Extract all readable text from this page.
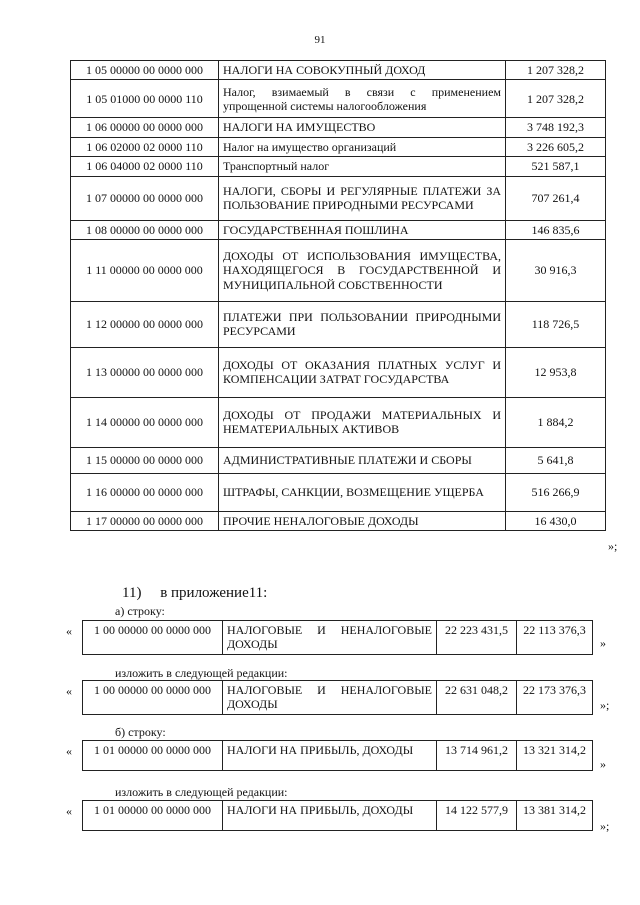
91
1 05 00000 00 0000 000	НАЛОГИ НА СОВОКУПНЫЙ ДОХОД	1 207 328,2
1 05 01000 00 0000 110	Налог, взимаемый в связи с применением упрощенной системы налогообложения	1 207 328,2
1 06 00000 00 0000 000	НАЛОГИ НА ИМУЩЕСТВО	3 748 192,3
1 06 02000 02 0000 110	Налог на имущество организаций	3 226 605,2
1 06 04000 02 0000 110	Транспортный налог	521 587,1
1 07 00000 00 0000 000	НАЛОГИ, СБОРЫ И РЕГУЛЯРНЫЕ ПЛАТЕЖИ ЗА ПОЛЬЗОВАНИЕ ПРИРОДНЫМИ РЕСУРСАМИ	707 261,4
1 08 00000 00 0000 000	ГОСУДАРСТВЕННАЯ ПОШЛИНА	146 835,6
1 11 00000 00 0000 000	ДОХОДЫ ОТ ИСПОЛЬЗОВАНИЯ ИМУЩЕСТВА, НАХОДЯЩЕГОСЯ В ГОСУДАРСТВЕННОЙ И МУНИЦИПАЛЬНОЙ СОБСТВЕННОСТИ	30 916,3
1 12 00000 00 0000 000	ПЛАТЕЖИ ПРИ ПОЛЬЗОВАНИИ ПРИРОДНЫМИ РЕСУРСАМИ	118 726,5
1 13 00000 00 0000 000	ДОХОДЫ ОТ ОКАЗАНИЯ ПЛАТНЫХ УСЛУГ И КОМПЕНСАЦИИ ЗАТРАТ ГОСУДАРСТВА	12 953,8
1 14 00000 00 0000 000	ДОХОДЫ ОТ ПРОДАЖИ МАТЕРИАЛЬНЫХ И НЕМАТЕРИАЛЬНЫХ АКТИВОВ	1 884,2
1 15 00000 00 0000 000	АДМИНИСТРАТИВНЫЕ ПЛАТЕЖИ И СБОРЫ	5 641,8
1 16 00000 00 0000 000	ШТРАФЫ, САНКЦИИ, ВОЗМЕЩЕНИЕ УЩЕРБА	516 266,9
1 17 00000 00 0000 000	ПРОЧИЕ НЕНАЛОГОВЫЕ ДОХОДЫ	16 430,0
»;
11)     в приложение11:
а) строку:
« 1 00 00000 00 0000 000	НАЛОГОВЫЕ И НЕНАЛОГОВЫЕ ДОХОДЫ	22 223 431,5	22 113 376,3
»
изложить в следующей редакции:
« 1 00 00000 00 0000 000	НАЛОГОВЫЕ И НЕНАЛОГОВЫЕ ДОХОДЫ	22 631 048,2	22 173 376,3
»;
б) строку:
« 1 01 00000 00 0000 000	НАЛОГИ НА ПРИБЫЛЬ, ДОХОДЫ	13 714 961,2	13 321 314,2
»
изложить в следующей редакции:
« 1 01 00000 00 0000 000	НАЛОГИ НА ПРИБЫЛЬ, ДОХОДЫ	14 122 577,9	13 381 314,2
»;
